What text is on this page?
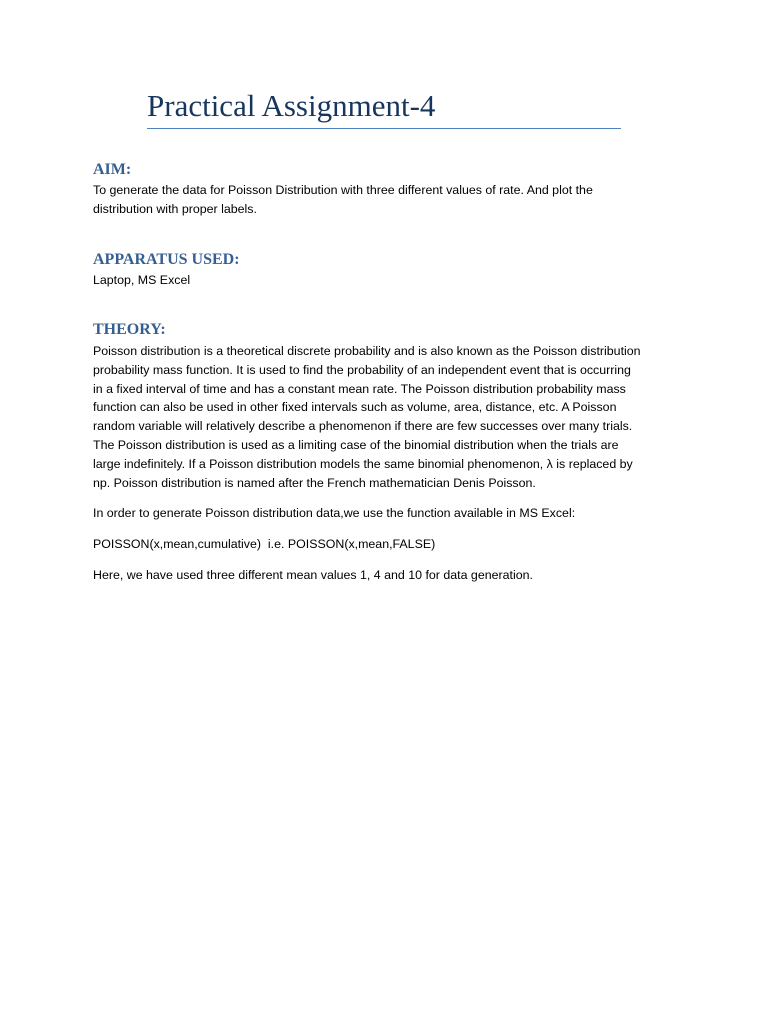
Practical Assignment-4
AIM:

To generate the data for Poisson Distribution with three different values of rate. And plot the
distribution with proper labels.

APPARATUS USED:

Laptop, MS Excel

THEORY:

Poisson distribution is a theoretical discrete probability and is also known as the Poisson distribution
probability mass function. It is used to find the probability of an independent event that is occurring
in a fixed interval of time and has a constant mean rate. The Poisson distribution probability mass
function can also be used in other fixed intervals such as volume, area, distance, etc. A Poisson
random variable will relatively describe a phenomenon if there are few successes over many trials.
The Poisson distribution is used as a limiting case of the binomial distribution when the trials are
large indefinitely. If a Poisson distribution models the same binomial phenomenon, λ is replaced by
np. Poisson distribution is named after the French mathematician Denis Poisson.

In order to generate Poisson distribution data,we use the function available in MS Excel:

POISSON(x,mean,cumulative)  i.e. POISSON(x,mean,FALSE)

Here, we have used three different mean values 1, 4 and 10 for data generation.
